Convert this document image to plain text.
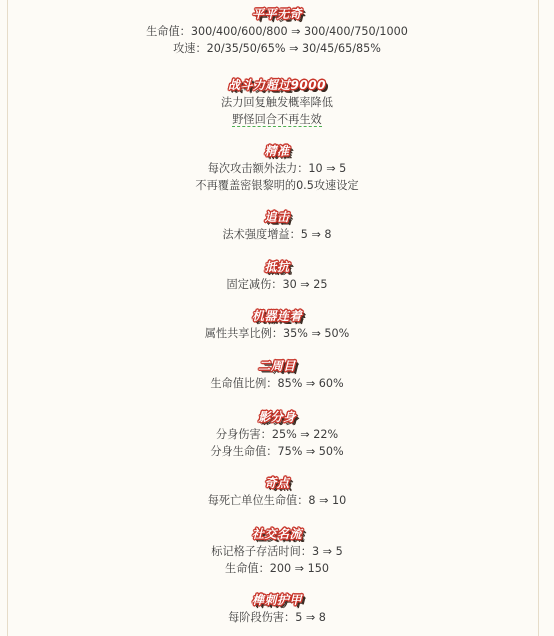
平平无奇
生命值：300/400/600/800 ⇒ 300/400/750/1000
攻速：20/35/50/65% ⇒ 30/45/65/85%
战斗力超过9000
法力回复触发概率降低
野怪回合不再生效
精准
每次攻击额外法力：10 ⇒ 5
不再覆盖密银黎明的0.5攻速设定
追击
法术强度增益：5 ⇒ 8
抵抗
固定减伤：30 ⇒ 25
机器连着
属性共享比例：35% ⇒ 50%
二周目
生命值比例：85% ⇒ 60%
影分身
分身伤害：25% ⇒ 22%
分身生命值：75% ⇒ 50%
奇点
每死亡单位生命值：8 ⇒ 10
社交名流
标记格子存活时间：3 ⇒ 5
生命值：200 ⇒ 150
榫刺护甲
每阶段伤害：5 ⇒ 8
